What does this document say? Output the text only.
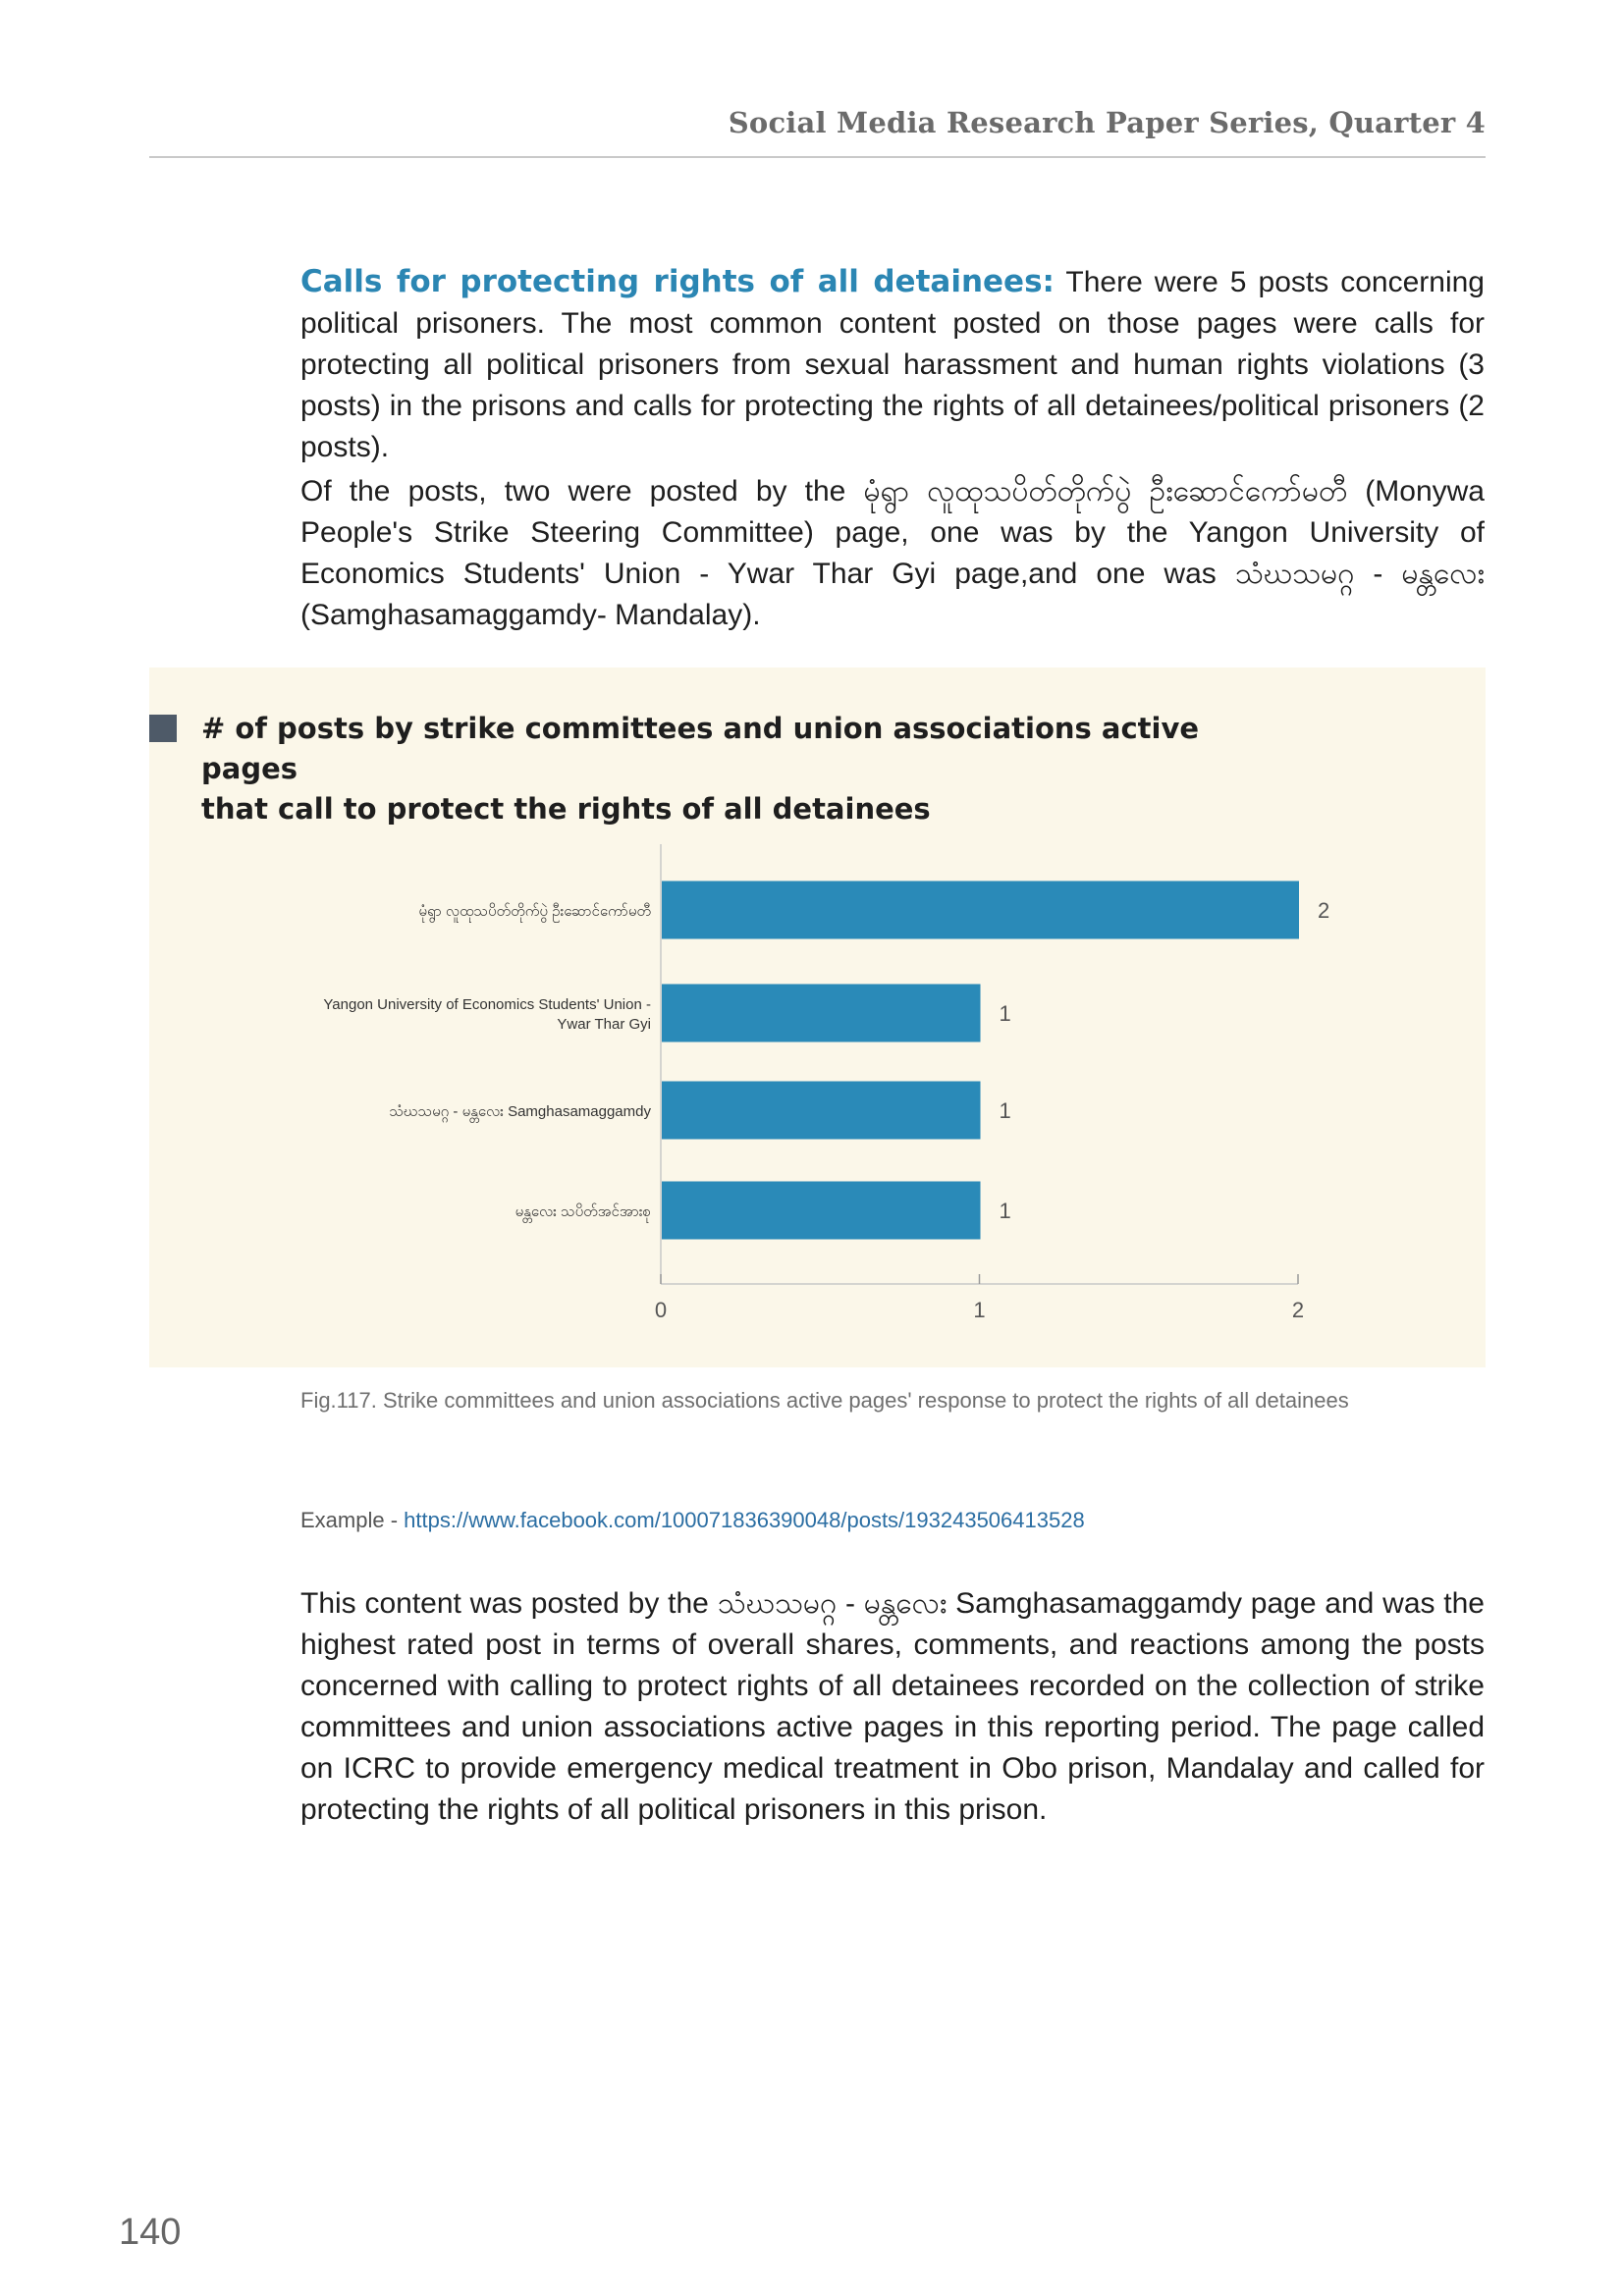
Social Media Research Paper Series, Quarter 4
Calls for protecting rights of all detainees: There were 5 posts concerning political prisoners. The most common content posted on those pages were calls for protecting all political prisoners from sexual harassment and human rights violations (3 posts) in the prisons and calls for protecting the rights of all detainees/political prisoners (2 posts).
Of the posts, two were posted by the မုံရွာ လူထုသပိတ်တိုက်ပွဲ ဦးဆောင်ကော်မတီ (Monywa People's Strike Steering Committee) page, one was by the Yangon University of Economics Students' Union - Ywar Thar Gyi page,and one was သံဃသမဂ္ဂ - မန္တလေး (Samghasamaggamdy- Mandalay).
# of posts by strike committees and union associations active pages
that call to protect the rights of all detainees
0	1	2
2
မုံရွာ လူထုသပိတ်တိုက်ပွဲ ဦးဆောင်ကော်မတီ
1
Yangon University of Economics Students' Union -Ywar Thar Gyi
1
သံဃသမဂ္ဂ - မန္တလေး Samghasamaggamdy
1
မန္တလေး သပိတ်အင်အားစု
Fig.117. Strike committees and union associations active pages' response to protect the rights of all detainees
Example - https://www.facebook.com/100071836390048/posts/193243506413528
This content was posted by the သံဃသမဂ္ဂ - မန္တလေး Samghasamaggamdy page and was the highest rated post in terms of overall shares, comments, and reactions among the posts concerned with calling to protect rights of all detainees recorded on the collection of strike committees and union associations active pages in this reporting period. The page called on ICRC to provide emergency medical treatment in Obo prison, Mandalay and called for protecting the rights of all political prisoners in this prison.
140
